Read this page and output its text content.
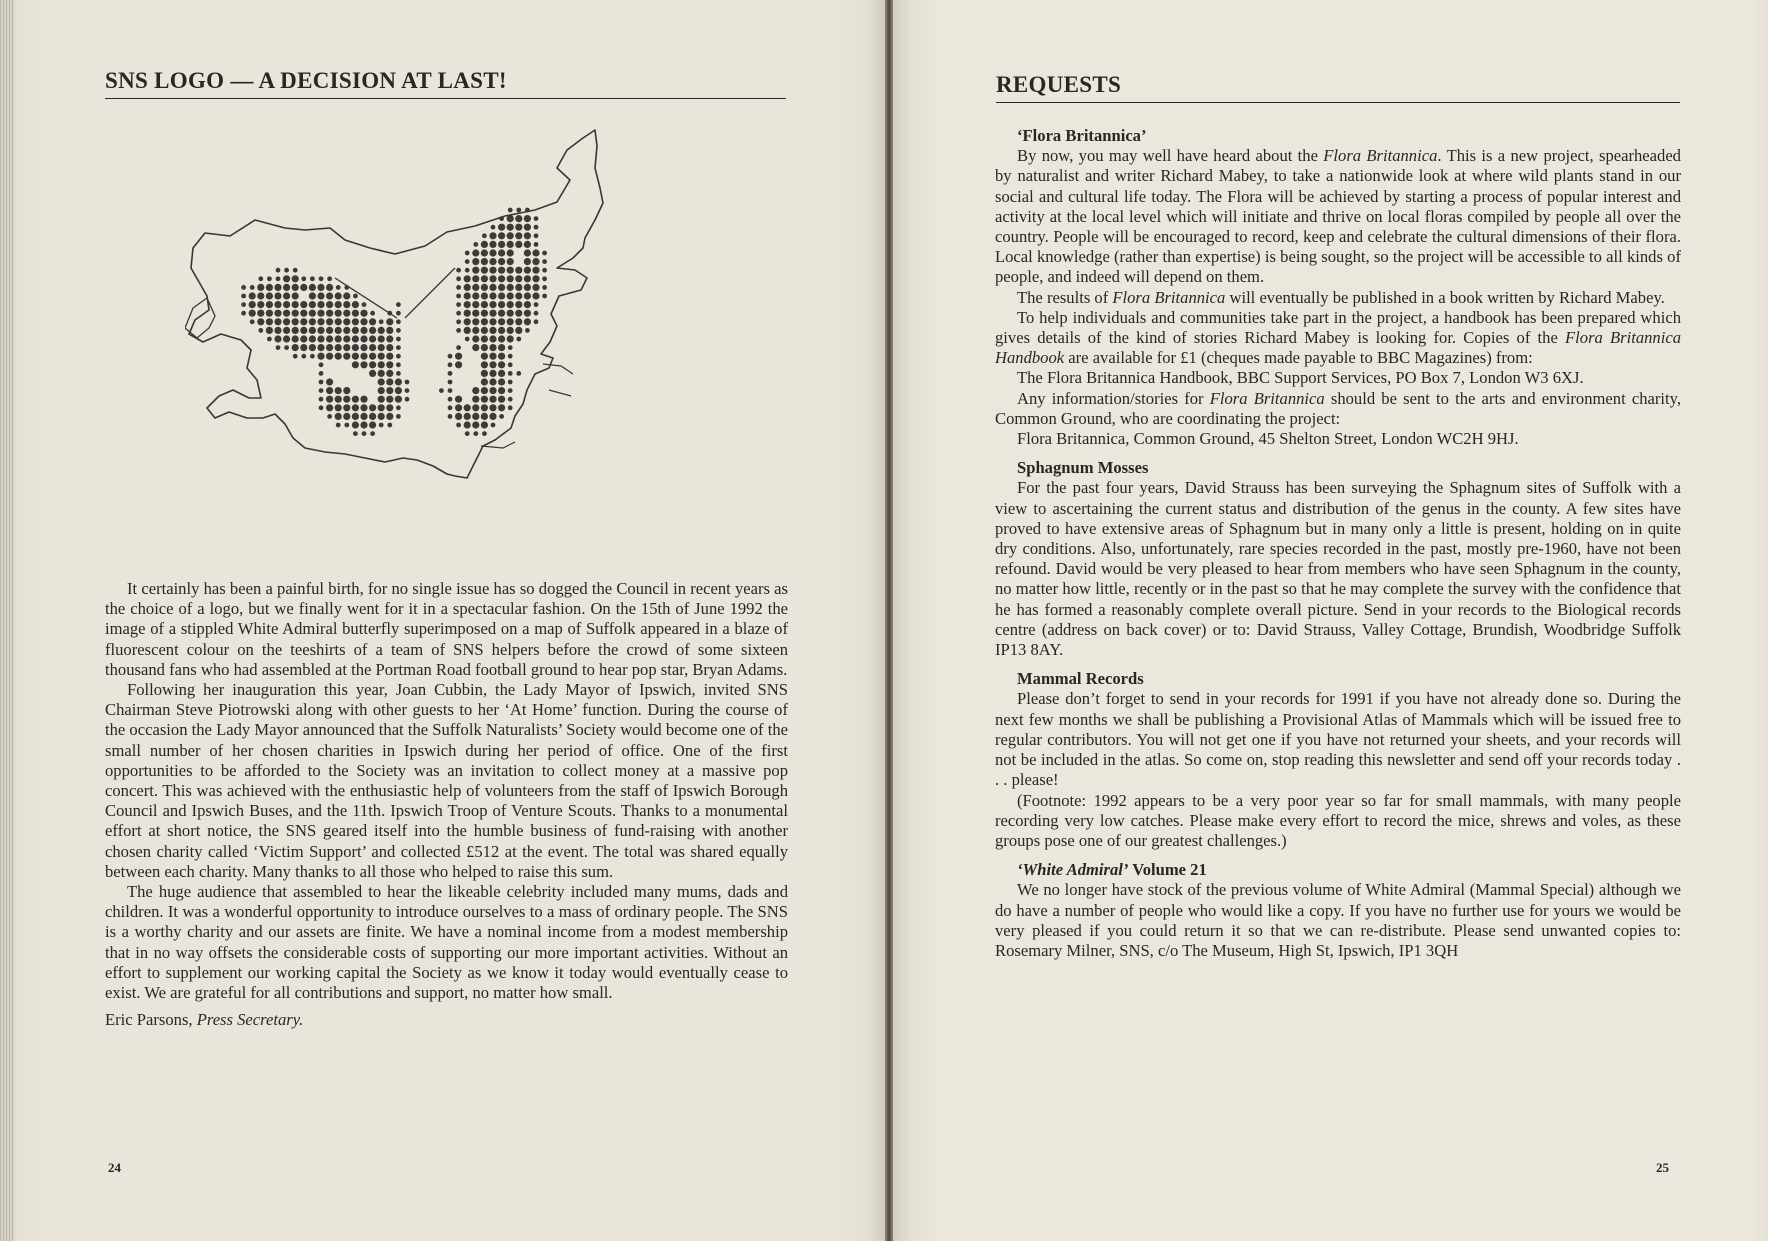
SNS LOGO — A DECISION AT LAST!

It certainly has been a painful birth, for no single issue has so dogged the Council in recent years as the choice of a logo, but we finally went for it in a spectacular fashion. On the 15th of June 1992 the image of a stippled White Admiral butterfly superimposed on a map of Suffolk appeared in a blaze of fluorescent colour on the teeshirts of a team of SNS helpers before the crowd of some sixteen thousand fans who had assembled at the Portman Road football ground to hear pop star, Bryan Adams.

Following her inauguration this year, Joan Cubbin, the Lady Mayor of Ipswich, invited SNS Chairman Steve Piotrowski along with other guests to her ‘At Home’ function. During the course of the occasion the Lady Mayor announced that the Suffolk Naturalists’ Society would become one of the small number of her chosen charities in Ipswich during her period of office. One of the first opportunities to be afforded to the Society was an invitation to collect money at a massive pop concert. This was achieved with the enthusiastic help of volunteers from the staff of Ipswich Borough Council and Ipswich Buses, and the 11th. Ipswich Troop of Venture Scouts. Thanks to a monumental effort at short notice, the SNS geared itself into the humble business of fund-raising with another chosen charity called ‘Victim Support’ and collected £512 at the event. The total was shared equally between each charity. Many thanks to all those who helped to raise this sum.

The huge audience that assembled to hear the likeable celebrity included many mums, dads and children. It was a wonderful opportunity to introduce ourselves to a mass of ordinary people. The SNS is a worthy charity and our assets are finite. We have a nominal income from a modest membership that in no way offsets the considerable costs of supporting our more important activities. Without an effort to supplement our working capital the Society as we know it today would eventually cease to exist. We are grateful for all contributions and support, no matter how small.

Eric Parsons, Press Secretary.

24
REQUESTS

‘Flora Britannica’

By now, you may well have heard about the Flora Britannica. This is a new project, spearheaded by naturalist and writer Richard Mabey, to take a nationwide look at where wild plants stand in our social and cultural life today. The Flora will be achieved by starting a process of popular interest and activity at the local level which will initiate and thrive on local floras compiled by people all over the country. People will be encouraged to record, keep and celebrate the cultural dimensions of their flora. Local knowledge (rather than expertise) is being sought, so the project will be accessible to all kinds of people, and indeed will depend on them.

The results of Flora Britannica will eventually be published in a book written by Richard Mabey.

To help individuals and communities take part in the project, a handbook has been prepared which gives details of the kind of stories Richard Mabey is looking for. Copies of the Flora Britannica Handbook are available for £1 (cheques made payable to BBC Magazines) from:

The Flora Britannica Handbook, BBC Support Services, PO Box 7, London W3 6XJ.

Any information/stories for Flora Britannica should be sent to the arts and environment charity, Common Ground, who are coordinating the project:

Flora Britannica, Common Ground, 45 Shelton Street, London WC2H 9HJ.

Sphagnum Mosses

For the past four years, David Strauss has been surveying the Sphagnum sites of Suffolk with a view to ascertaining the current status and distribution of the genus in the county. A few sites have proved to have extensive areas of Sphagnum but in many only a little is present, holding on in quite dry conditions. Also, unfortunately, rare species recorded in the past, mostly pre-1960, have not been refound. David would be very pleased to hear from members who have seen Sphagnum in the county, no matter how little, recently or in the past so that he may complete the survey with the confidence that he has formed a reasonably complete overall picture. Send in your records to the Biological records centre (address on back cover) or to: David Strauss, Valley Cottage, Brundish, Woodbridge Suffolk IP13 8AY.

Mammal Records

Please don’t forget to send in your records for 1991 if you have not already done so. During the next few months we shall be publishing a Provisional Atlas of Mammals which will be issued free to regular contributors. You will not get one if you have not returned your sheets, and your records will not be included in the atlas. So come on, stop reading this newsletter and send off your records today . . . please!

(Footnote: 1992 appears to be a very poor year so far for small mammals, with many people recording very low catches. Please make every effort to record the mice, shrews and voles, as these groups pose one of our greatest challenges.)

‘White Admiral’ Volume 21

We no longer have stock of the previous volume of White Admiral (Mammal Special) although we do have a number of people who would like a copy. If you have no further use for yours we would be very pleased if you could return it so that we can re-distribute. Please send unwanted copies to: Rosemary Milner, SNS, c/o The Museum, High St, Ipswich, IP1 3QH

25
